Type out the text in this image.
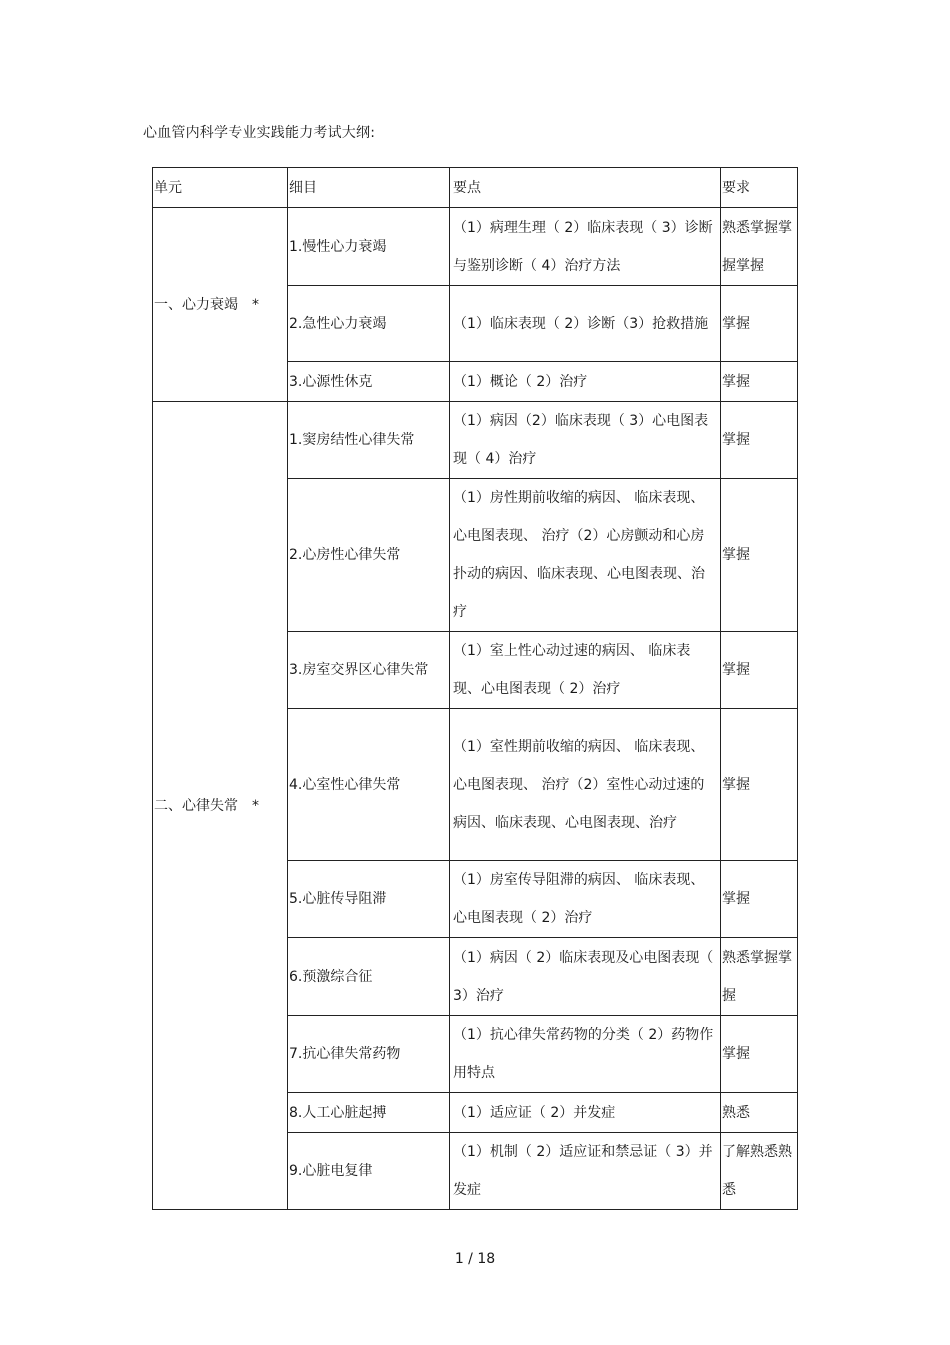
心血管内科学专业实践能力考试大纲:
单元	细目	要点	要求
一、心力衰竭 *	1.慢性心力衰竭	（1）病理生理（ 2）临床表现（ 3）诊断与鉴别诊断（ 4）治疗方法	熟悉掌握掌握掌握
	2.急性心力衰竭	（1）临床表现（ 2）诊断（3）抢救措施	掌握
	3.心源性休克	（1）概论（ 2）治疗	掌握
二、心律失常 *	1.窦房结性心律失常	（1）病因（2）临床表现（ 3）心电图表现（ 4）治疗	掌握
	2.心房性心律失常	（1）房性期前收缩的病因、 临床表现、心电图表现、 治疗（2）心房颤动和心房扑动的病因、临床表现、心电图表现、治疗	掌握
	3.房室交界区心律失常	（1）室上性心动过速的病因、 临床表现、心电图表现（ 2）治疗	掌握
	4.心室性心律失常	（1）室性期前收缩的病因、 临床表现、心电图表现、 治疗（2）室性心动过速的病因、临床表现、心电图表现、治疗	掌握
	5.心脏传导阻滞	（1）房室传导阻滞的病因、 临床表现、心电图表现（ 2）治疗	掌握
	6.预激综合征	（1）病因（ 2）临床表现及心电图表现（ 3）治疗	熟悉掌握掌握
	7.抗心律失常药物	（1）抗心律失常药物的分类（ 2）药物作用特点	掌握
	8.人工心脏起搏	（1）适应证（ 2）并发症	熟悉
	9.心脏电复律	（1）机制（ 2）适应证和禁忌证（ 3）并发症	了解熟悉熟悉
1 / 18
